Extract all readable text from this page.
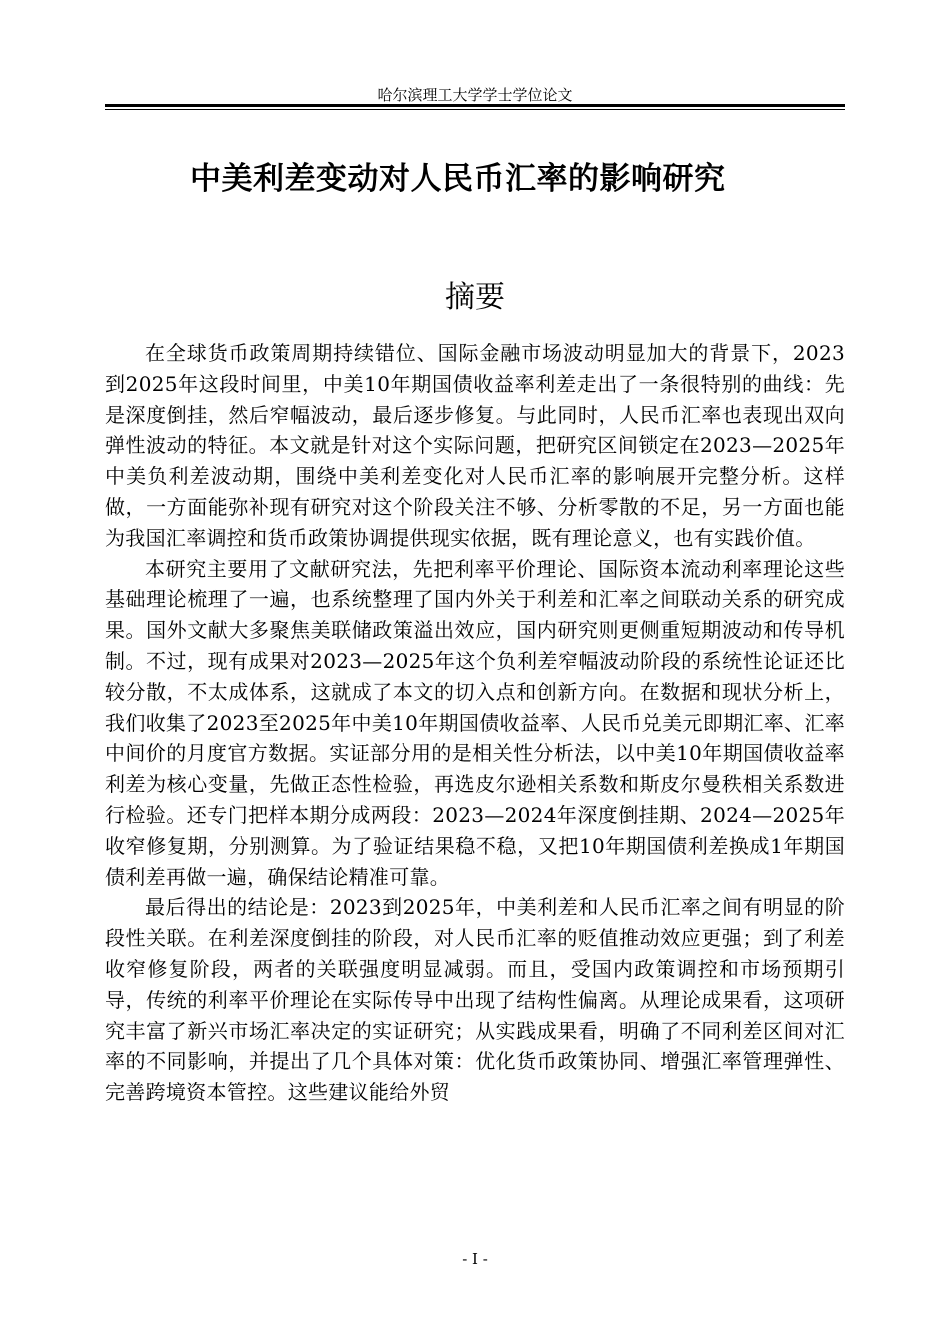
哈尔滨理工大学学士学位论文
中美利差变动对人民币汇率的影响研究
摘要

在全球货币政策周期持续错位、国际金融市场波动明显加大的背景下，2023到2025年这段时间里，中美10年期国债收益率利差走出了一条很特别的曲线：先是深度倒挂，然后窄幅波动，最后逐步修复。与此同时，人民币汇率也表现出双向弹性波动的特征。本文就是针对这个实际问题，把研究区间锁定在2023—2025年中美负利差波动期，围绕中美利差变化对人民币汇率的影响展开完整分析。这样做，一方面能弥补现有研究对这个阶段关注不够、分析零散的不足，另一方面也能为我国汇率调控和货币政策协调提供现实依据，既有理论意义，也有实践价值。

本研究主要用了文献研究法，先把利率平价理论、国际资本流动利率理论这些基础理论梳理了一遍，也系统整理了国内外关于利差和汇率之间联动关系的研究成果。国外文献大多聚焦美联储政策溢出效应，国内研究则更侧重短期波动和传导机制。不过，现有成果对2023—2025年这个负利差窄幅波动阶段的系统性论证还比较分散，不太成体系，这就成了本文的切入点和创新方向。在数据和现状分析上，我们收集了2023至2025年中美10年期国债收益率、人民币兑美元即期汇率、汇率中间价的月度官方数据。实证部分用的是相关性分析法，以中美10年期国债收益率利差为核心变量，先做正态性检验，再选皮尔逊相关系数和斯皮尔曼秩相关系数进行检验。还专门把样本期分成两段：2023—2024年深度倒挂期、2024—2025年收窄修复期，分别测算。为了验证结果稳不稳，又把10年期国债利差换成1年期国债利差再做一遍，确保结论精准可靠。

最后得出的结论是：2023到2025年，中美利差和人民币汇率之间有明显的阶段性关联。在利差深度倒挂的阶段，对人民币汇率的贬值推动效应更强；到了利差收窄修复阶段，两者的关联强度明显减弱。而且，受国内政策调控和市场预期引导，传统的利率平价理论在实际传导中出现了结构性偏离。从理论成果看，这项研究丰富了新兴市场汇率决定的实证研究；从实践成果看，明确了不同利差区间对汇率的不同影响，并提出了几个具体对策：优化货币政策协同、增强汇率管理弹性、完善跨境资本管控。这些建议能给外贸

- I -
